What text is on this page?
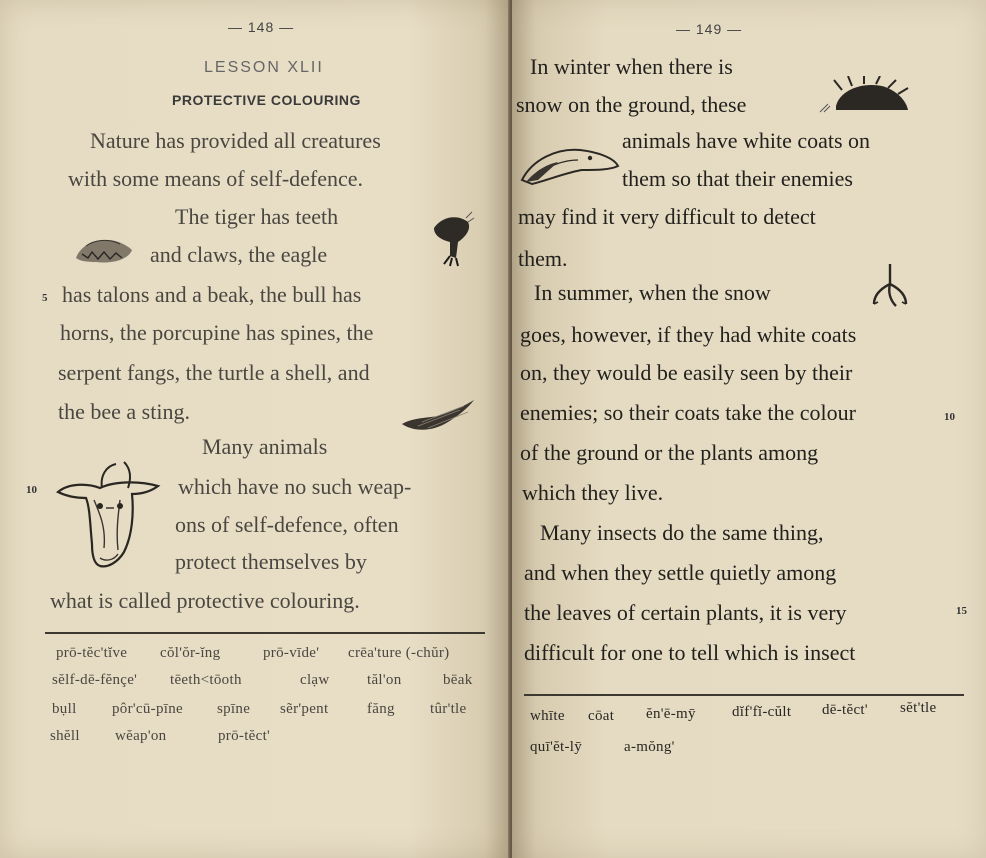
— 148 —
LESSON XLII
PROTECTIVE COLOURING
Nature has provided all creatures
with some means of self-defence.
The tiger has teeth
and claws, the eagle
5 has talons and a beak, the bull has
horns, the porcupine has spines, the
serpent fangs, the turtle a shell, and
the bee a sting.
Many animals
10	which have no such weap-
ons of self-defence, often
protect themselves by
what is called protective colouring.
prō-tĕc'tĭve cŏl'ŏr-ĭng	prō-vīde' crēa'ture (-chŭr)
sĕlf-dē-fĕnçe' tēeth<tōoth	clạw tăl'on	bēak
bụll pôr'cū-pīne spīne sẽr'pent	făng tûr'tle
shĕll wĕap'on	prō-tĕct'
— 149 —
In winter when there is
snow on the ground, these
animals have white coats on
them so that their enemies
may find it very difficult to detect
them.
In summer, when the snow
goes, however, if they had white coats
on, they would be easily seen by their
enemies; so their coats take the colour	10
of the ground or the plants among
which they live.
Many insects do the same thing,
and when they settle quietly among
the leaves of certain plants, it is very	15
difficult for one to tell which is insect
whīte cōat ĕn'ē-mȳ dĭf'fĭ-cŭlt dē-tĕct' sĕt'tle
quī'ĕt-lȳ	a-mŏng'
